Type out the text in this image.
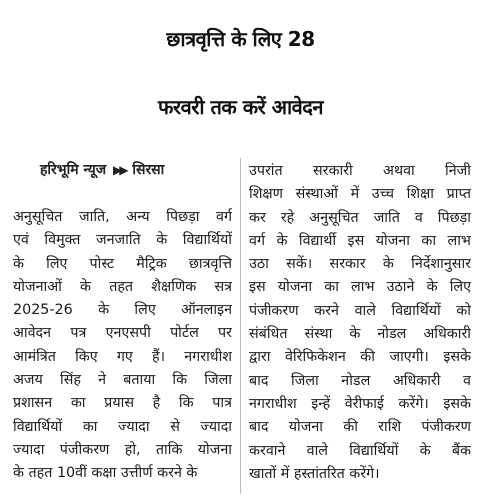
छात्रवृत्ति के लिए 28
फरवरी तक करें आवेदन
हरिभूमि न्यूज ▶▶ सिरसा
अनुसूचित जाति, अन्य पिछड़ा वर्ग
एवं विमुक्त जनजाति के विद्यार्थियों
के लिए पोस्ट मैट्रिक छात्रवृत्ति
योजनाओं के तहत शैक्षणिक सत्र
2025-26 के लिए ऑनलाइन
आवेदन पत्र एनएसपी पोर्टल पर
आमंत्रित किए गए हैं। नगराधीश
अजय सिंह ने बताया कि जिला
प्रशासन का प्रयास है कि पात्र
विद्यार्थियों का ज्यादा से ज्यादा
ज्यादा पंजीकरण हो, ताकि योजना
के तहत 10वीं कक्षा उत्तीर्ण करने के
उपरांत सरकारी अथवा निजी
शिक्षण संस्थाओं में उच्च शिक्षा प्राप्त
कर रहे अनुसूचित जाति व पिछड़ा
वर्ग के विद्यार्थी इस योजना का लाभ
उठा सकें। सरकार के निर्देशानुसार
इस योजना का लाभ उठाने के लिए
पंजीकरण करने वाले विद्यार्थियों को
संबंधित संस्था के नोडल अधिकारी
द्वारा वेरिफिकेशन की जाएगी। इसके
बाद जिला नोडल अधिकारी व
नगराधीश इन्हें वेरीफाई करेंगे। इसके
बाद योजना की राशि पंजीकरण
करवाने वाले विद्यार्थियों के बैंक
खातों में हस्तांतरित करेंगे।
